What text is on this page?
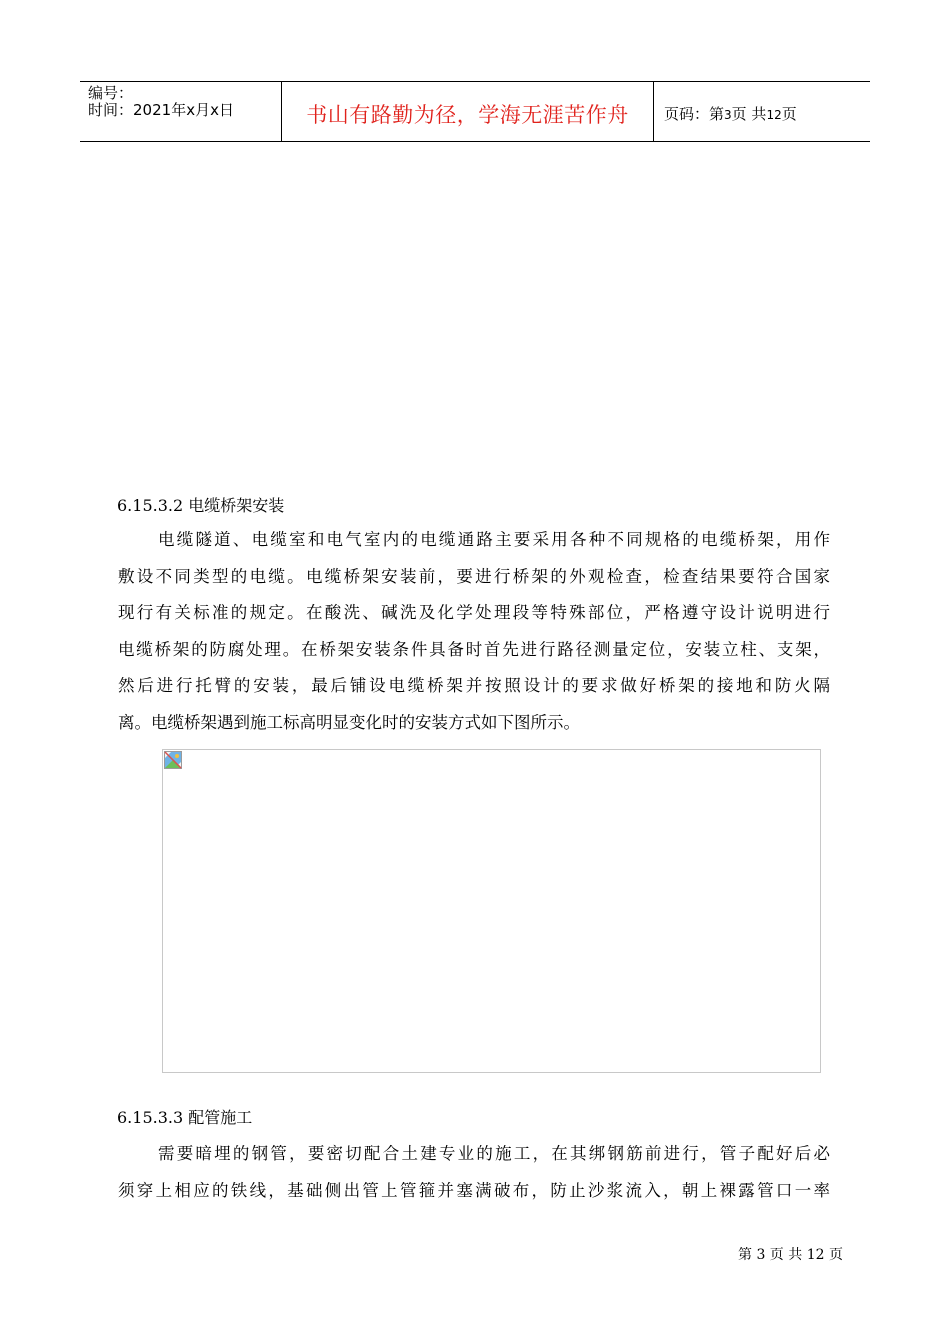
编号：
时间：2021年x月x日	书山有路勤为径，学海无涯苦作舟	页码：第3页 共12页
6.15.3.2 电缆桥架安装
电缆隧道、电缆室和电气室内的电缆通路主要采用各种不同规格的电缆桥架，用作
敷设不同类型的电缆。电缆桥架安装前，要进行桥架的外观检查，检查结果要符合国家
现行有关标准的规定。在酸洗、碱洗及化学处理段等特殊部位，严格遵守设计说明进行
电缆桥架的防腐处理。在桥架安装条件具备时首先进行路径测量定位，安装立柱、支架，
然后进行托臂的安装，最后铺设电缆桥架并按照设计的要求做好桥架的接地和防火隔
离。电缆桥架遇到施工标高明显变化时的安装方式如下图所示。
6.15.3.3 配管施工
需要暗埋的钢管，要密切配合土建专业的施工，在其绑钢筋前进行，管子配好后必
须穿上相应的铁线，基础侧出管上管箍并塞满破布，防止沙浆流入，朝上裸露管口一率
第 3 页 共 12 页
